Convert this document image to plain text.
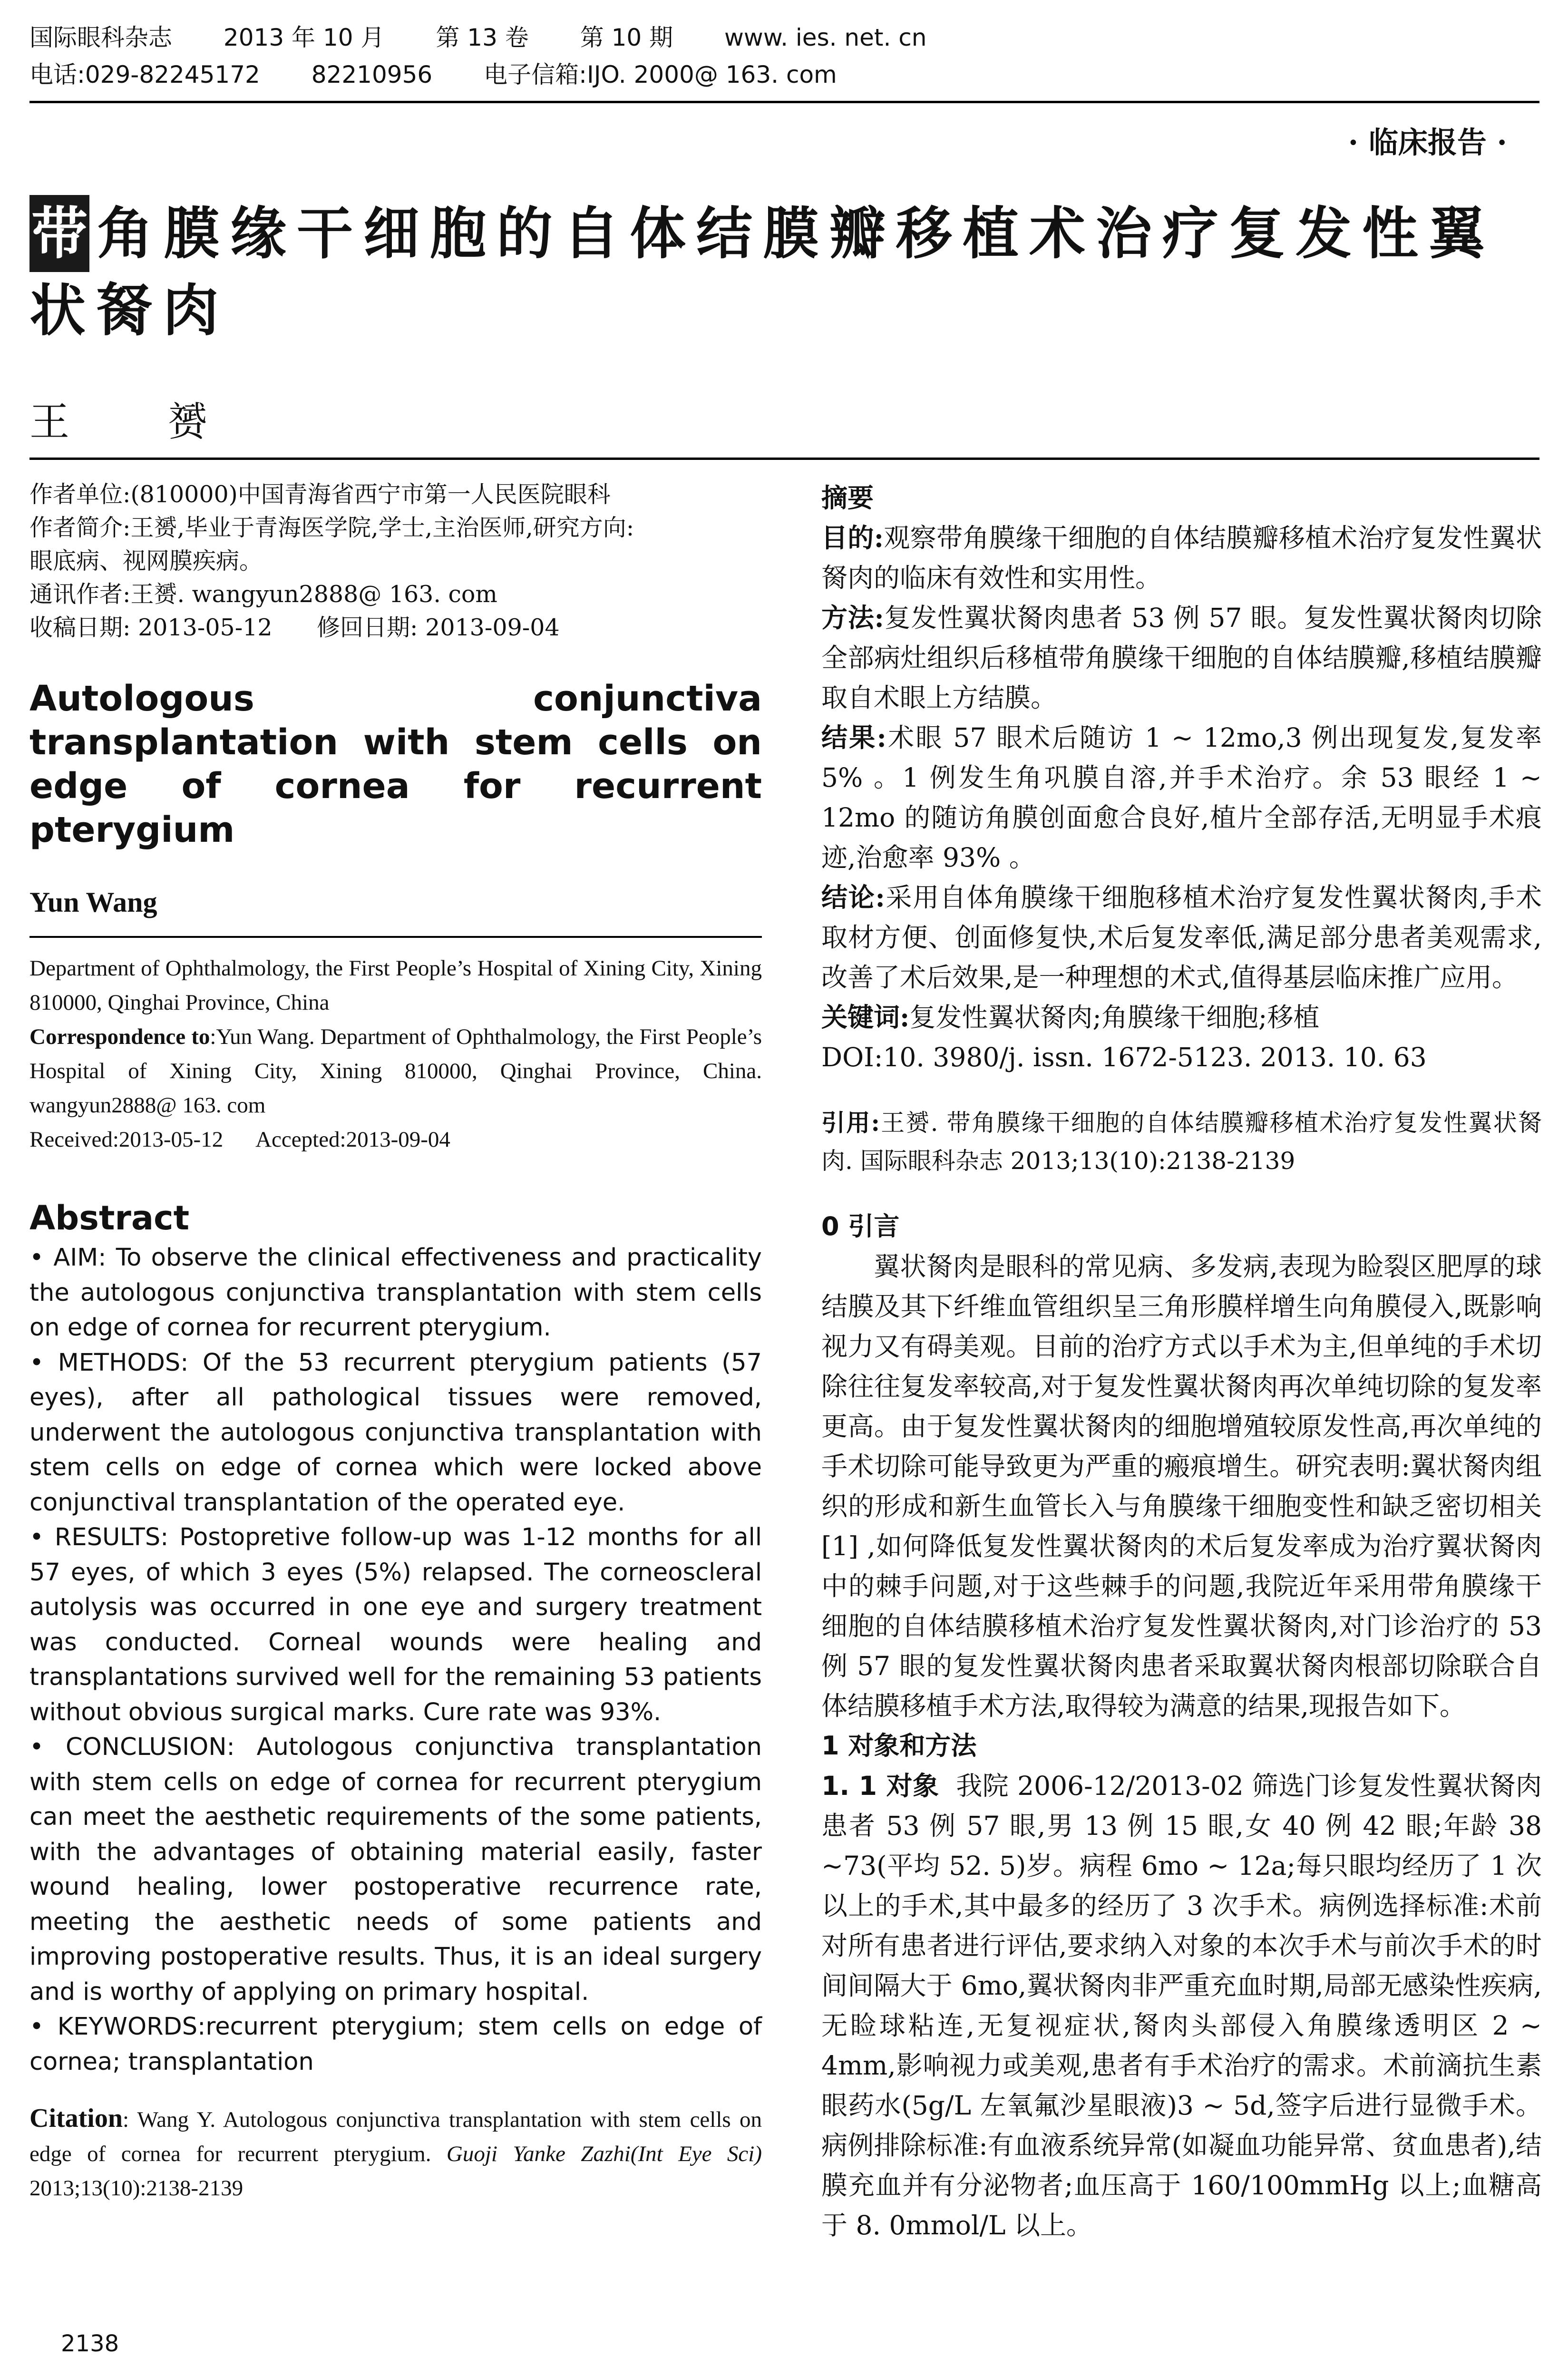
国际眼科杂志 2013 年 10 月 第 13 卷 第 10 期 www. ies. net. cn
电话:029-82245172 82210956 电子信箱:IJO. 2000@ 163. com
· 临床报告 ·
带 角膜缘干细胞的自体结膜瓣移植术治疗复发性翼状胬肉
王 赟

作者单位:(810000)中国青海省西宁市第一人民医院眼科

作者简介:王赟,毕业于青海医学院,学士,主治医师,研究方向:

眼底病、视网膜疾病。

通讯作者:王赟. wangyun2888@ 163. com

收稿日期: 2013-05-12      修回日期: 2013-09-04

Autologous conjunctiva transplantation with stem cells on edge of cornea for recurrent pterygium

Yun Wang

Department of Ophthalmology, the First People’s Hospital of Xining City, Xining 810000, Qinghai Province, China

Correspondence to:Yun Wang. Department of Ophthalmology, the First People’s Hospital of Xining City, Xining 810000, Qinghai Province, China. wangyun2888@ 163. com

Received:2013-05-12      Accepted:2013-09-04

Abstract

• AIM: To observe the clinical effectiveness and practicality the autologous conjunctiva transplantation with stem cells on edge of cornea for recurrent pterygium.

• METHODS: Of the 53 recurrent pterygium patients (57 eyes), after all pathological tissues were removed, underwent the autologous conjunctiva transplantation with stem cells on edge of cornea which were locked above conjunctival transplantation of the operated eye.

• RESULTS: Postopretive follow-up was 1-12 months for all 57 eyes, of which 3 eyes (5%) relapsed. The corneoscleral autolysis was occurred in one eye and surgery treatment was conducted. Corneal wounds were healing and transplantations survived well for the remaining 53 patients without obvious surgical marks. Cure rate was 93%.

• CONCLUSION: Autologous conjunctiva transplantation with stem cells on edge of cornea for recurrent pterygium can meet the aesthetic requirements of the some patients, with the advantages of obtaining material easily, faster wound healing, lower postoperative recurrence rate, meeting the aesthetic needs of some patients and improving postoperative results. Thus, it is an ideal surgery and is worthy of applying on primary hospital.

• KEYWORDS:recurrent pterygium; stem cells on edge of cornea; transplantation

Citation: Wang Y. Autologous conjunctiva transplantation with stem cells on edge of cornea for recurrent pterygium. Guoji Yanke Zazhi(Int Eye Sci) 2013;13(10):2138-2139

摘要

目的:观察带角膜缘干细胞的自体结膜瓣移植术治疗复发性翼状胬肉的临床有效性和实用性。

方法:复发性翼状胬肉患者 53 例 57 眼。复发性翼状胬肉切除全部病灶组织后移植带角膜缘干细胞的自体结膜瓣,移植结膜瓣取自术眼上方结膜。

结果:术眼 57 眼术后随访 1 ~ 12mo,3 例出现复发,复发率 5% 。1 例发生角巩膜自溶,并手术治疗。余 53 眼经 1 ~ 12mo 的随访角膜创面愈合良好,植片全部存活,无明显手术痕迹,治愈率 93% 。

结论:采用自体角膜缘干细胞移植术治疗复发性翼状胬肉,手术取材方便、创面修复快,术后复发率低,满足部分患者美观需求,改善了术后效果,是一种理想的术式,值得基层临床推广应用。

关键词:复发性翼状胬肉;角膜缘干细胞;移植

DOI:10. 3980/j. issn. 1672-5123. 2013. 10. 63

引用:王赟. 带角膜缘干细胞的自体结膜瓣移植术治疗复发性翼状胬肉. 国际眼科杂志 2013;13(10):2138-2139

0 引言

翼状胬肉是眼科的常见病、多发病,表现为睑裂区肥厚的球结膜及其下纤维血管组织呈三角形膜样增生向角膜侵入,既影响视力又有碍美观。目前的治疗方式以手术为主,但单纯的手术切除往往复发率较高,对于复发性翼状胬肉再次单纯切除的复发率更高。由于复发性翼状胬肉的细胞增殖较原发性高,再次单纯的手术切除可能导致更为严重的瘢痕增生。研究表明:翼状胬肉组织的形成和新生血管长入与角膜缘干细胞变性和缺乏密切相关[1] ,如何降低复发性翼状胬肉的术后复发率成为治疗翼状胬肉中的棘手问题,对于这些棘手的问题,我院近年采用带角膜缘干细胞的自体结膜移植术治疗复发性翼状胬肉,对门诊治疗的 53 例 57 眼的复发性翼状胬肉患者采取翼状胬肉根部切除联合自体结膜移植手术方法,取得较为满意的结果,现报告如下。

1 对象和方法

1. 1 对象 我院 2006-12/2013-02 筛选门诊复发性翼状胬肉患者 53 例 57 眼,男 13 例 15 眼,女 40 例 42 眼;年龄 38 ~73(平均 52. 5)岁。病程 6mo ~ 12a;每只眼均经历了 1 次以上的手术,其中最多的经历了 3 次手术。病例选择标准:术前对所有患者进行评估,要求纳入对象的本次手术与前次手术的时间间隔大于 6mo,翼状胬肉非严重充血时期,局部无感染性疾病,无睑球粘连,无复视症状,胬肉头部侵入角膜缘透明区 2 ~ 4mm,影响视力或美观,患者有手术治疗的需求。术前滴抗生素眼药水(5g/L 左氧氟沙星眼液)3 ~ 5d,签字后进行显微手术。病例排除标准:有血液系统异常(如凝血功能异常、贫血患者),结膜充血并有分泌物者;血压高于 160/100mmHg 以上;血糖高于 8. 0mmol/L 以上。

2138
